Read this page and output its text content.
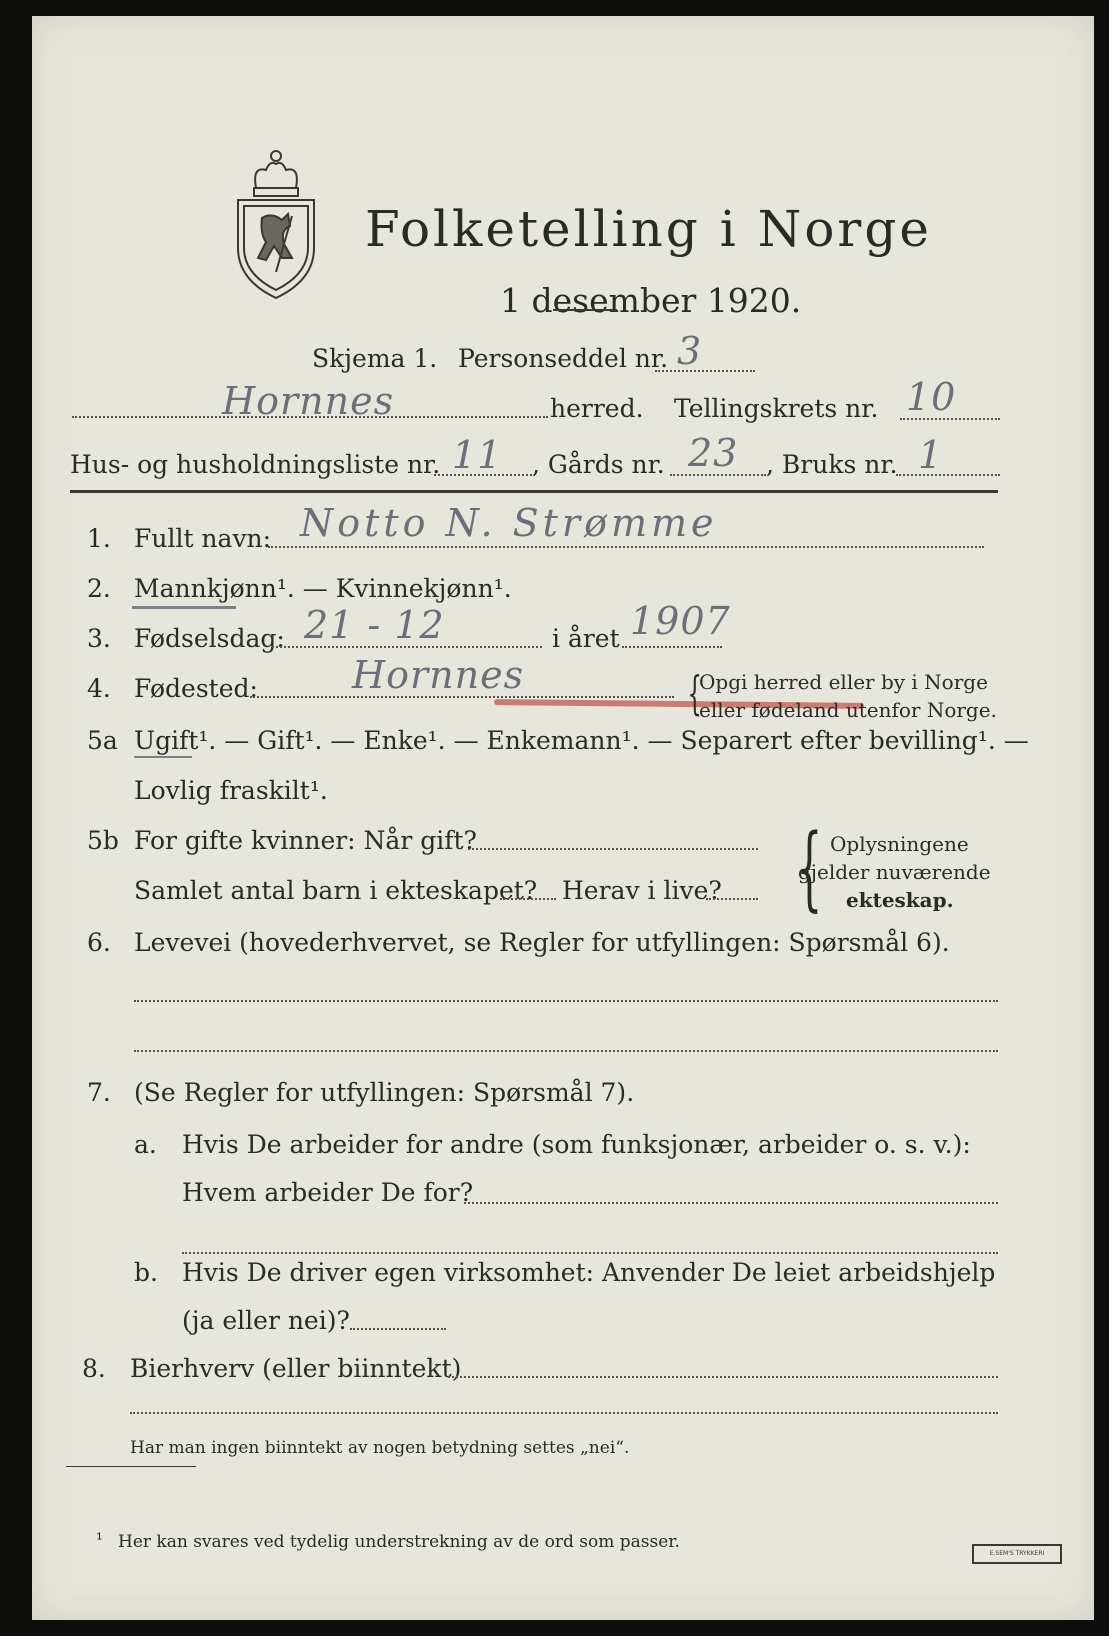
Folketelling i Norge
1 desember 1920.
Skjema 1. Personseddel nr. 3
Hornnes	herred. Tellingskrets nr. 10
Hus- og husholdningsliste nr. 11 , Gårds nr. 23 , Bruks nr. 1
1. Fullt navn: Notto N. Strømme
2. Mannkjønn¹. — Kvinnekjønn¹.
3. Fødselsdag: 21 - 12	i året 1907
4. Fødested: Hornnes	{
Opgi herred eller by i Norge
eller fødeland utenfor Norge.
5a Ugift¹. — Gift¹. — Enke¹. — Enkemann¹. — Separert efter bevilling¹. —
Lovlig fraskilt¹.
5b For gifte kvinner: Når gift?
Samlet antal barn i ekteskapet? Herav i live? { Oplysningene
gjelder nuværende
ekteskap.
6. Levevei (hovederhvervet, se Regler for utfyllingen: Spørsmål 6).
7. (Se Regler for utfyllingen: Spørsmål 7).
a. Hvis De arbeider for andre (som funksjonær, arbeider o. s. v.):
Hvem arbeider De for?
b. Hvis De driver egen virksomhet: Anvender De leiet arbeidshjelp
(ja eller nei)?
8. Bierhverv (eller biinntekt)
Har man ingen biinntekt av nogen betydning settes „nei“.
¹ Her kan svares ved tydelig understrekning av de ord som passer.
E.SEM'S TRYKKERI
